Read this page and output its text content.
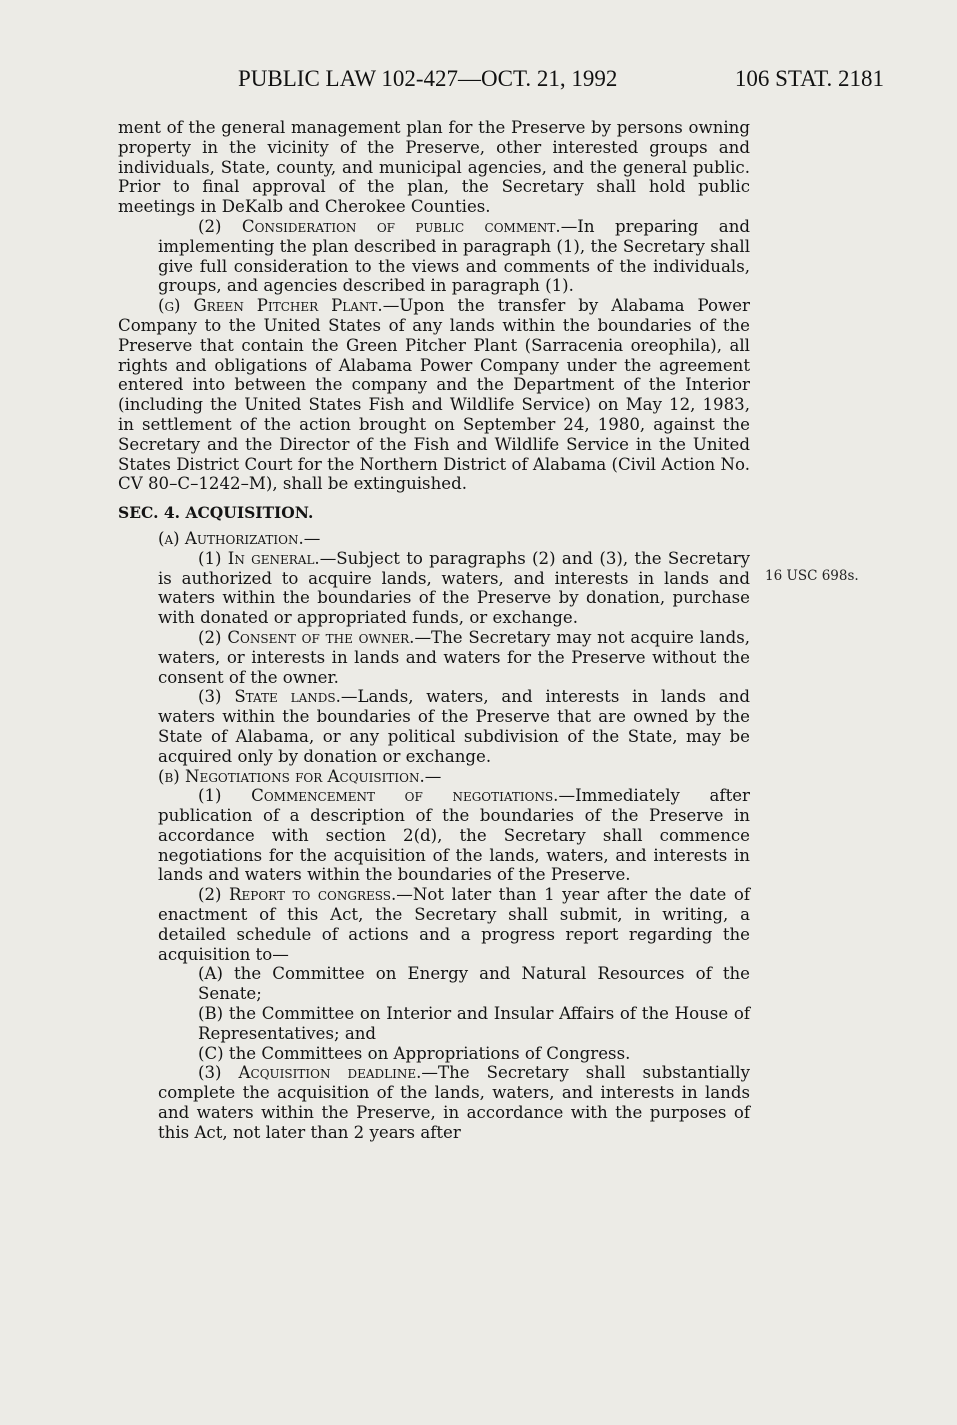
PUBLIC LAW 102-427—OCT. 21, 1992	106 STAT. 2181
16 USC 698s.

ment of the general management plan for the Preserve by persons owning property in the vicinity of the Preserve, other interested groups and individuals, State, county, and municipal agencies, and the general public. Prior to final approval of the plan, the Secretary shall hold public meetings in DeKalb and Cherokee Counties.

(2) Consideration of public comment.—In preparing and implementing the plan described in paragraph (1), the Secretary shall give full consideration to the views and comments of the individuals, groups, and agencies described in paragraph (1).

(g) Green Pitcher Plant.—Upon the transfer by Alabama Power Company to the United States of any lands within the boundaries of the Preserve that contain the Green Pitcher Plant (Sarracenia oreophila), all rights and obligations of Alabama Power Company under the agreement entered into between the company and the Department of the Interior (including the United States Fish and Wildlife Service) on May 12, 1983, in settlement of the action brought on September 24, 1980, against the Secretary and the Director of the Fish and Wildlife Service in the United States District Court for the Northern District of Alabama (Civil Action No. CV 80–C–1242–M), shall be extinguished.

SEC. 4. ACQUISITION.

(a) Authorization.—

(1) In general.—Subject to paragraphs (2) and (3), the Secretary is authorized to acquire lands, waters, and interests in lands and waters within the boundaries of the Preserve by donation, purchase with donated or appropriated funds, or exchange.

(2) Consent of the owner.—The Secretary may not acquire lands, waters, or interests in lands and waters for the Preserve without the consent of the owner.

(3) State lands.—Lands, waters, and interests in lands and waters within the boundaries of the Preserve that are owned by the State of Alabama, or any political subdivision of the State, may be acquired only by donation or exchange.

(b) Negotiations for Acquisition.—

(1) Commencement of negotiations.—Immediately after publication of a description of the boundaries of the Preserve in accordance with section 2(d), the Secretary shall commence negotiations for the acquisition of the lands, waters, and interests in lands and waters within the boundaries of the Preserve.

(2) Report to congress.—Not later than 1 year after the date of enactment of this Act, the Secretary shall submit, in writing, a detailed schedule of actions and a progress report regarding the acquisition to—

(A) the Committee on Energy and Natural Resources of the Senate;

(B) the Committee on Interior and Insular Affairs of the House of Representatives; and

(C) the Committees on Appropriations of Congress.

(3) Acquisition deadline.—The Secretary shall substantially complete the acquisition of the lands, waters, and interests in lands and waters within the Preserve, in accordance with the purposes of this Act, not later than 2 years after
